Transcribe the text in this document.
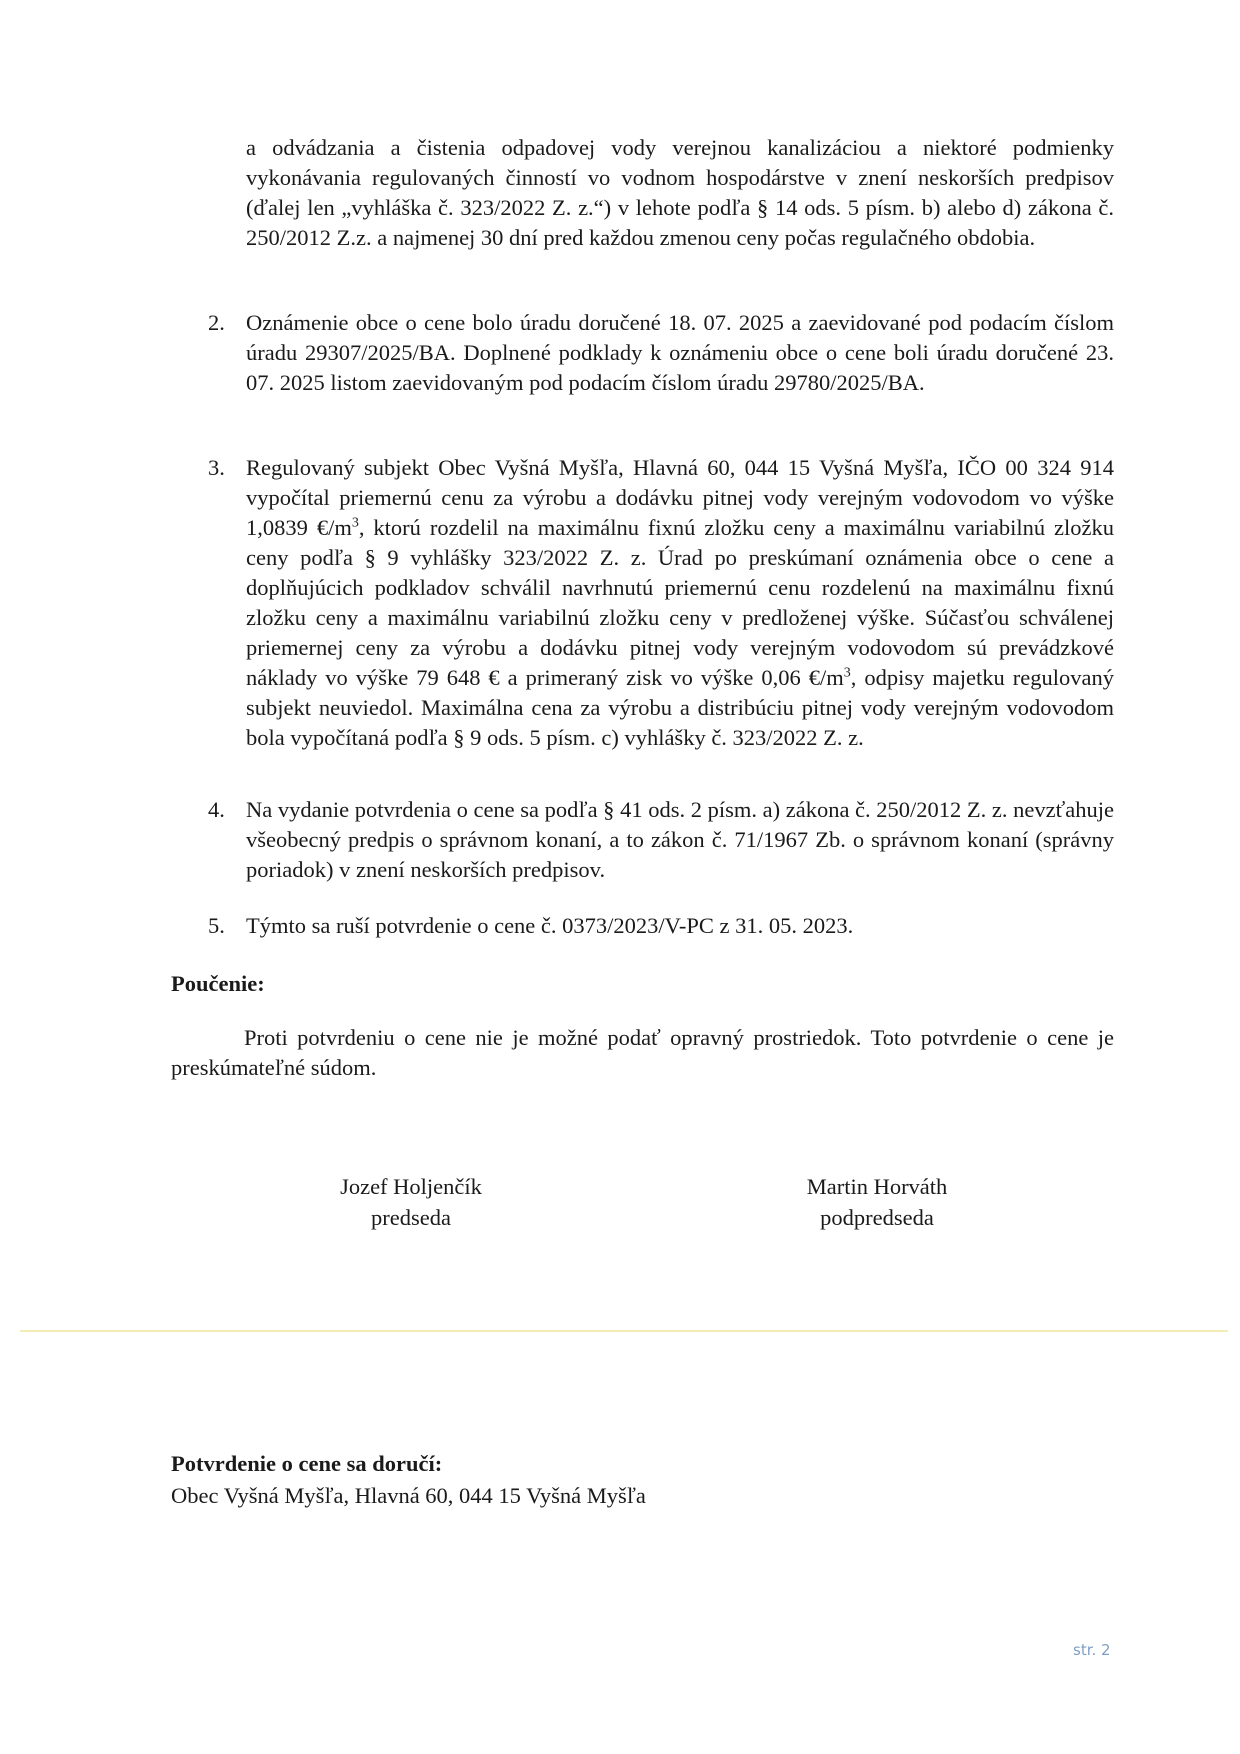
a odvádzania a čistenia odpadovej vody verejnou kanalizáciou a niektoré podmienky vykonávania regulovaných činností vo vodnom hospodárstve v znení neskorších predpisov (ďalej len „vyhláška č. 323/2022 Z. z.“) v lehote podľa § 14 ods. 5 písm. b) alebo d) zákona č. 250/2012 Z.z. a najmenej 30 dní pred každou zmenou ceny počas regulačného obdobia.

2. Oznámenie obce o cene bolo úradu doručené 18. 07. 2025 a zaevidované pod podacím číslom úradu 29307/2025/BA. Doplnené podklady k oznámeniu obce o cene boli úradu doručené 23. 07. 2025 listom zaevidovaným pod podacím číslom úradu 29780/2025/BA.

3. Regulovaný subjekt Obec Vyšná Myšľa, Hlavná 60, 044 15 Vyšná Myšľa, IČO 00 324 914 vypočítal priemernú cenu za výrobu a dodávku pitnej vody verejným vodovodom vo výške 1,0839 $€/m^3$, ktorú rozdelil na maximálnu fixnú zložku ceny a maximálnu variabilnú zložku ceny podľa § 9 vyhlášky 323/2022 Z. z. Úrad po preskúmaní oznámenia obce o cene a doplňujúcich podkladov schválil navrhnutú priemernú cenu rozdelenú na maximálnu fixnú zložku ceny a maximálnu variabilnú zložku ceny v predloženej výške. Súčasťou schválenej priemernej ceny za výrobu a dodávku pitnej vody verejným vodovodom sú prevádzkové náklady vo výške 79 648 € a primeraný zisk vo výške 0,06 $€/m^3$, odpisy majetku regulovaný subjekt neuviedol. Maximálna cena za výrobu a distribúciu pitnej vody verejným vodovodom bola vypočítaná podľa § 9 ods. 5 písm. c) vyhlášky č. 323/2022 Z. z.

4. Na vydanie potvrdenia o cene sa podľa § 41 ods. 2 písm. a) zákona č. 250/2012 Z. z. nevzťahuje všeobecný predpis o správnom konaní, a to zákon č. 71/1967 Zb. o správnom konaní (správny poriadok) v znení neskorších predpisov.

5. Týmto sa ruší potvrdenie o cene č. 0373/2023/V-PC z 31. 05. 2023.

Poučenie:

Proti potvrdeniu o cene nie je možné podať opravný prostriedok. Toto potvrdenie o cene je preskúmateľné súdom.

Jozef Holjenčík
predseda
Martin Horváth
podpredseda
Potvrdenie o cene sa doručí:
Obec Vyšná Myšľa, Hlavná 60, 044 15 Vyšná Myšľa
str. 2
